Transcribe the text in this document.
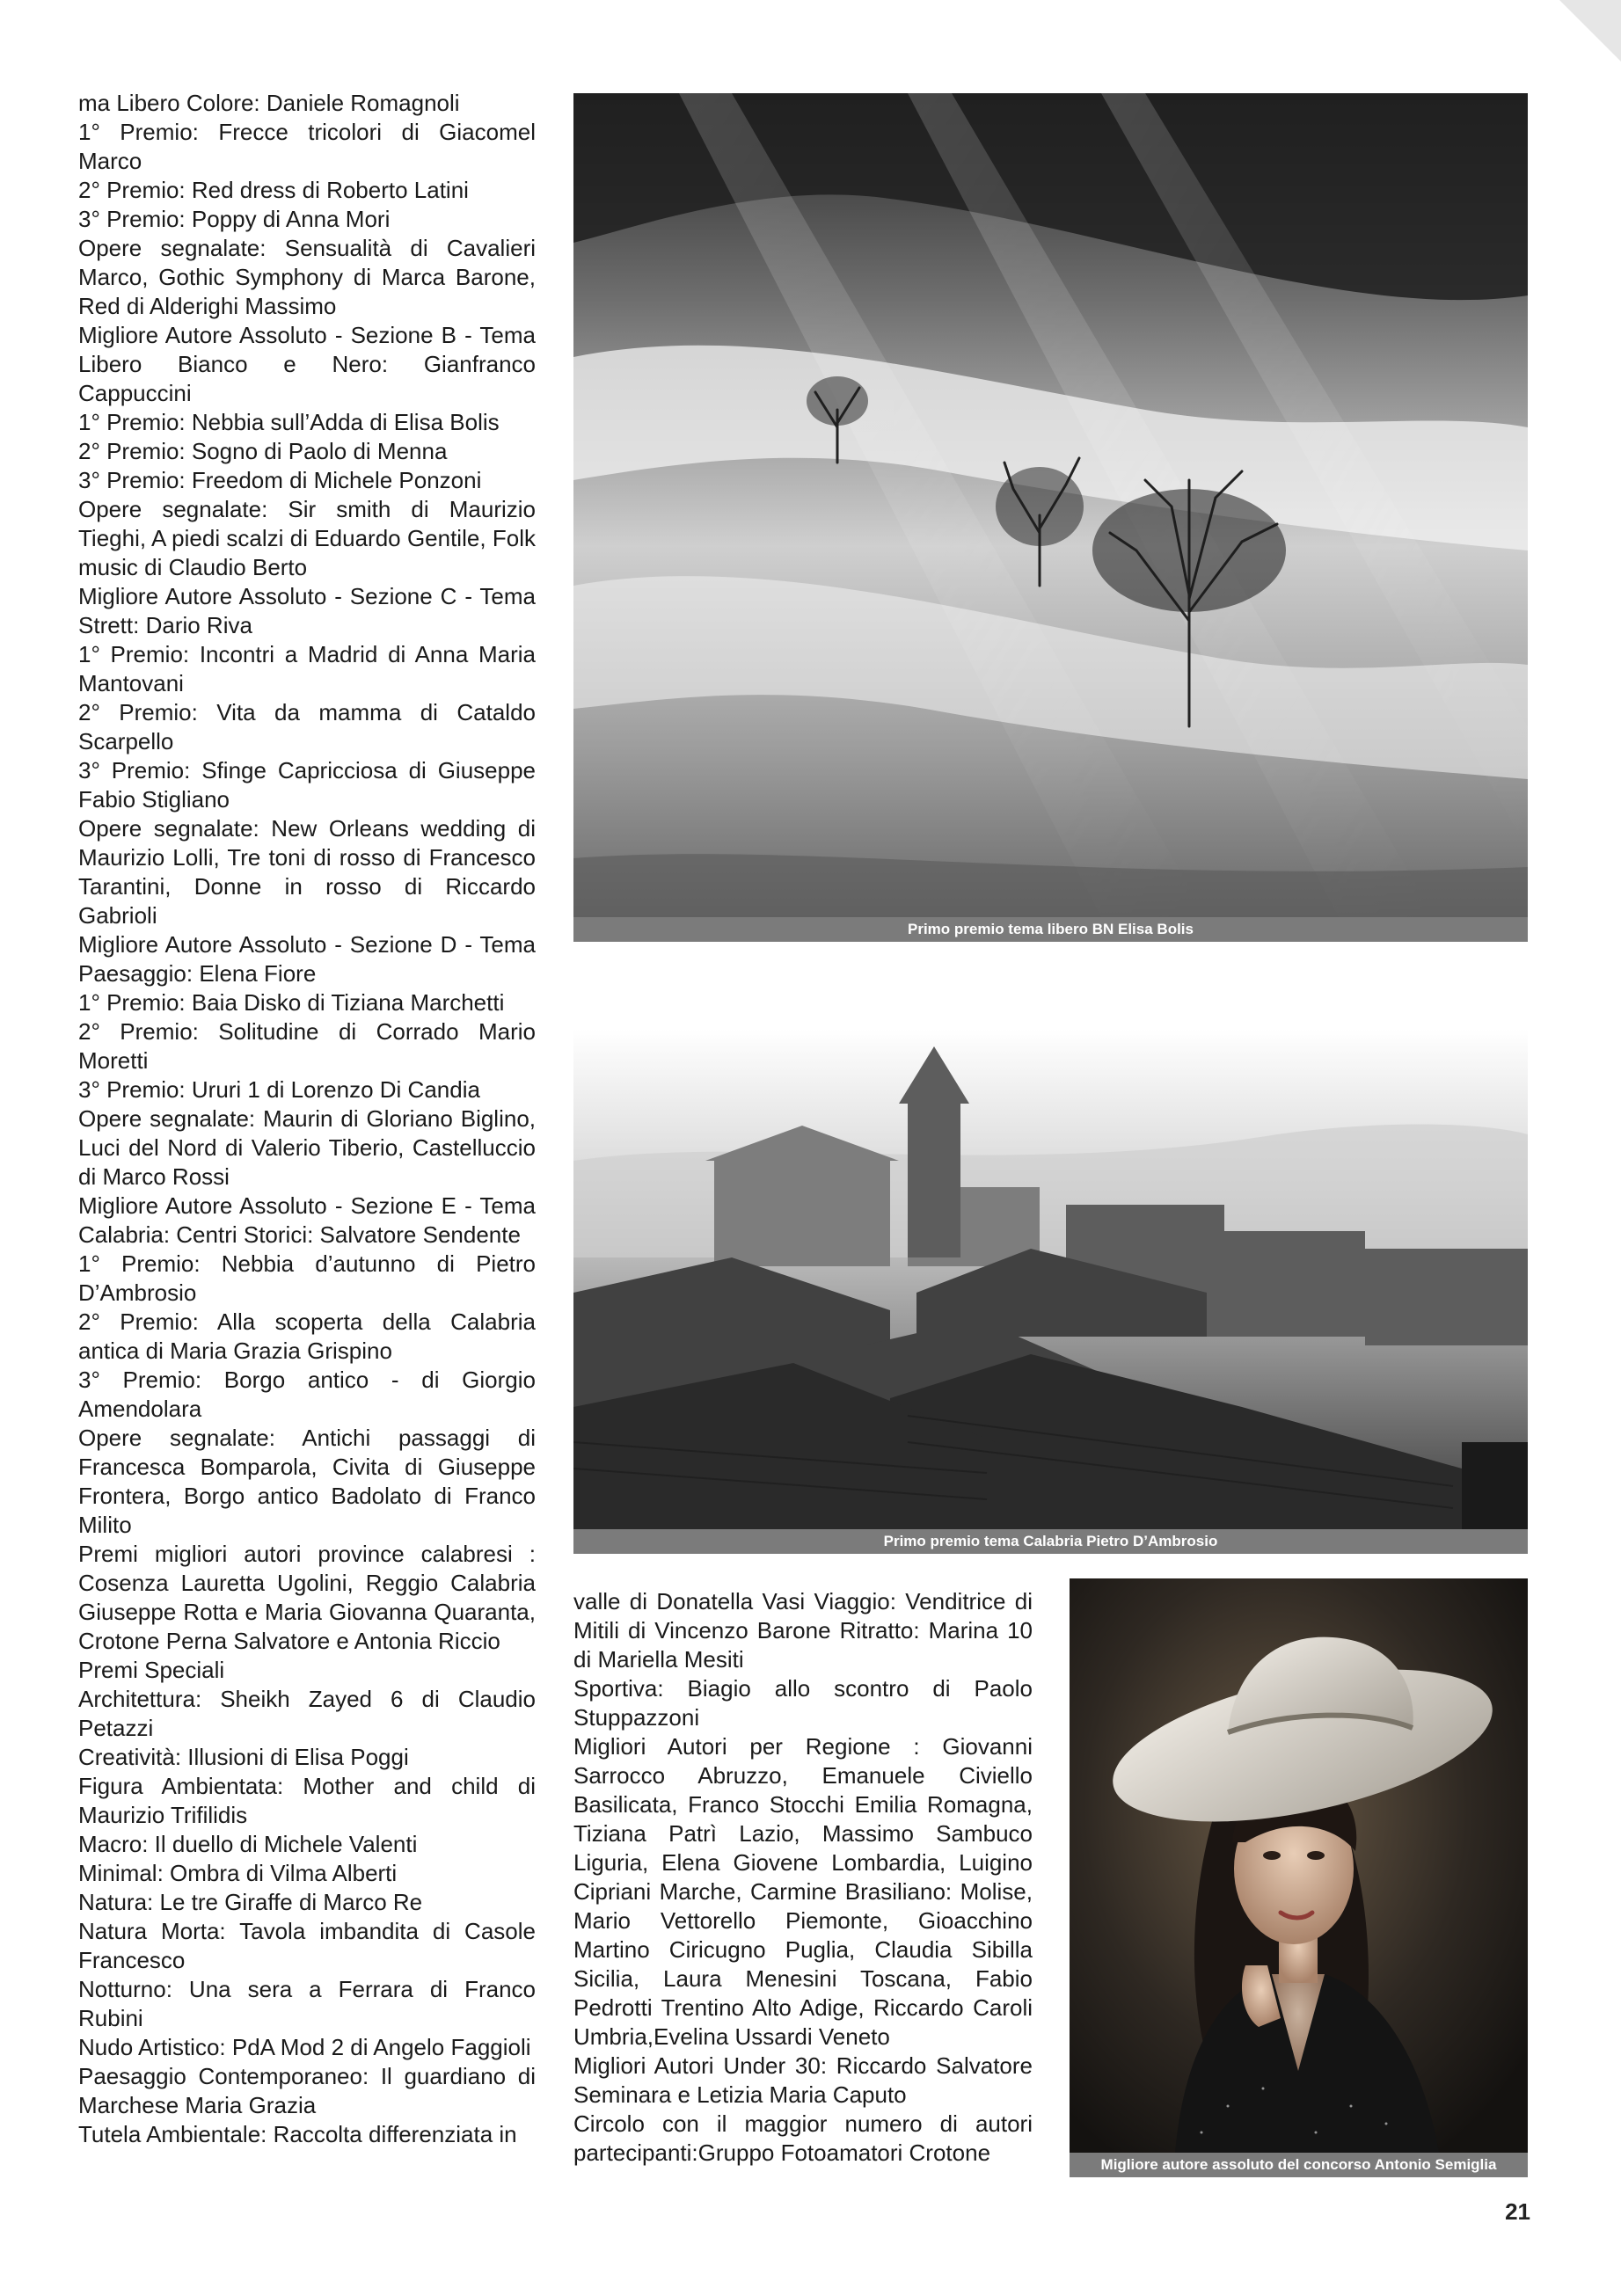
ma Libero Colore: Daniele Romagnoli

1° Premio: Frecce tricolori di Giacomel Marco

2° Premio: Red dress di Roberto Latini

3° Premio: Poppy di Anna Mori

Opere segnalate: Sensualità di Cavalieri Marco, Gothic Symphony di Marca Barone, Red di Alderighi Massimo

Migliore Autore Assoluto - Sezione B - Tema Libero Bianco e Nero: Gianfranco Cappuccini

1° Premio: Nebbia sull’Adda di Elisa Bolis

2° Premio: Sogno di Paolo di Menna

3° Premio: Freedom di Michele Ponzoni

Opere segnalate: Sir smith di Maurizio Tieghi, A piedi scalzi di Eduardo Gentile, Folk music di Claudio Berto

Migliore Autore Assoluto - Sezione C - Tema Strett: Dario Riva

1° Premio: Incontri a Madrid di Anna Maria Mantovani

2° Premio: Vita da mamma di Cataldo Scarpello

3° Premio: Sfinge Capricciosa di Giuseppe Fabio Stigliano

Opere segnalate: New Orleans wedding di Maurizio Lolli, Tre toni di rosso di Francesco Tarantini, Donne in rosso di Riccardo Gabrioli

Migliore Autore Assoluto - Sezione D - Tema Paesaggio: Elena Fiore

1° Premio: Baia Disko di Tiziana Marchetti

2° Premio: Solitudine di Corrado Mario Moretti

3° Premio: Ururi 1 di Lorenzo Di Candia

Opere segnalate: Maurin di Gloriano Biglino, Luci del Nord di Valerio Tiberio, Castelluccio di Marco Rossi

Migliore Autore Assoluto - Sezione E - Tema Calabria: Centri Storici: Salvatore Sendente

1° Premio: Nebbia d’autunno di Pietro D’Ambrosio

2° Premio: Alla scoperta della Calabria antica di Maria Grazia Grispino

3° Premio: Borgo antico - di Giorgio Amendolara

Opere segnalate: Antichi passaggi di Francesca Bomparola, Civita di Giuseppe Frontera, Borgo antico Badolato di Franco Milito

Premi migliori autori province calabresi : Cosenza Lauretta Ugolini, Reggio Calabria Giuseppe Rotta e Maria Giovanna Quaranta, Crotone Perna Salvatore e Antonia Riccio

Premi Speciali

Architettura: Sheikh Zayed 6 di Claudio Petazzi

Creatività: Illusioni di Elisa Poggi

Figura Ambientata: Mother and child di Maurizio Trifilidis

Macro: Il duello di Michele Valenti

Minimal: Ombra di Vilma Alberti

Natura: Le tre Giraffe di Marco Re

Natura Morta: Tavola imbandita di Casole Francesco

Notturno: Una sera a Ferrara di Franco Rubini

Nudo Artistico: PdA Mod 2 di Angelo Faggioli

Paesaggio Contemporaneo: Il guardiano di Marchese Maria Grazia

Tutela Ambientale: Raccolta differenziata in

Primo premio tema libero BN Elisa Bolis
Primo premio tema Calabria Pietro D’Ambrosio

valle di Donatella Vasi Viaggio: Venditrice di Mitili di Vincenzo Barone Ritratto: Marina 10 di Mariella Mesiti

Sportiva: Biagio allo scontro di Paolo Stuppazzoni

Migliori Autori per Regione : Giovanni Sarrocco Abruzzo, Emanuele Civiello Basilicata, Franco Stocchi Emilia Romagna, Tiziana Patrì Lazio, Massimo Sambuco Liguria, Elena Giovene Lombardia, Luigino Cipriani Marche, Carmine Brasiliano: Molise, Mario Vettorello Piemonte, Gioacchino Martino Ciricugno Puglia, Claudia Sibilla Sicilia, Laura Menesini Toscana, Fabio Pedrotti Trentino Alto Adige, Riccardo Caroli Umbria,Evelina Ussardi Veneto

Migliori Autori Under 30: Riccardo Salvatore Seminara e Letizia Maria Caputo

Circolo con il maggior numero di autori partecipanti:Gruppo Fotoamatori Crotone	Migliore autore assoluto del concorso Antonio Semiglia
21
